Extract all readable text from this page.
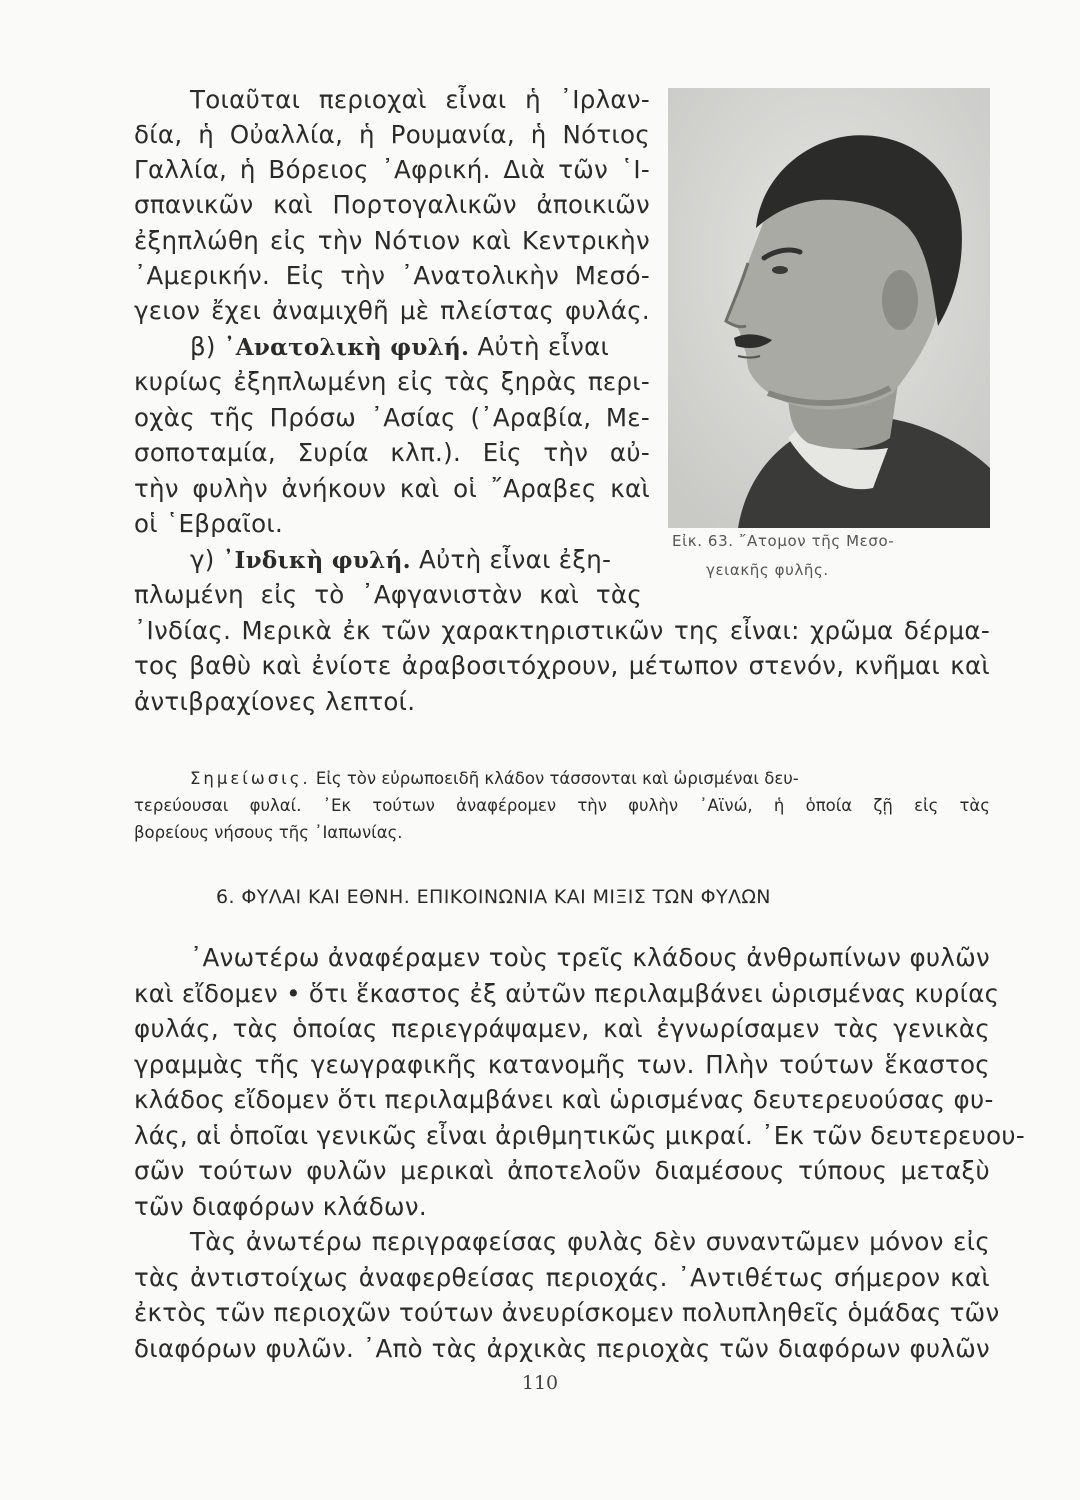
Τοιαῦται περιοχαὶ εἶναι ἡ ᾿Ιρλαν-
δία, ἡ Οὐαλλία, ἡ Ρουμανία, ἡ Νότιος
Γαλλία, ἡ Βόρειος ᾿Αφρική. Διὰ τῶν ῾Ι-
σπανικῶν καὶ Πορτογαλικῶν ἀποικιῶν
ἐξηπλώθη εἰς τὴν Νότιον καὶ Κεντρικὴν
᾿Αμερικήν. Εἰς τὴν ᾿Ανατολικὴν Μεσό-
γειον ἔχει ἀναμιχθῆ μὲ πλείστας φυλάς.
β) ᾿Ανατολικὴ φυλή. Αὐτὴ εἶναι
κυρίως ἐξηπλωμένη εἰς τὰς ξηρὰς περι-
οχὰς τῆς Πρόσω ᾿Ασίας (᾿Αραβία, Με-
σοποταμία, Συρία κλπ.). Εἰς τὴν αὐ-
τὴν φυλὴν ἀνήκουν καὶ οἱ ῎Αραβες καὶ
οἱ ῾Εβραῖοι.
γ) ᾿Ινδικὴ φυλή. Αὐτὴ εἶναι ἐξη-
πλωμένη εἰς τὸ ᾿Αφγανιστὰν καὶ τὰς
᾿Ινδίας. Μερικὰ ἐκ τῶν χαρακτηριστικῶν της εἶναι: χρῶμα δέρμα-
τος βαθὺ καὶ ἐνίοτε ἀραβοσιτόχρουν, μέτωπον στενόν, κνῆμαι καὶ
ἀντιβραχίονες λεπτοί.
Εἰκ. 63. ῎Ατομον τῆς Μεσο-
γειακῆς φυλῆς.
Σημείωσις. Εἰς τὸν εὐρωποειδῆ κλάδον τάσσονται καὶ ὡρισμέναι δευ-
τερεύουσαι φυλαί. ᾿Εκ τούτων ἀναφέρομεν τὴν φυλὴν ᾿Αϊνώ, ἡ ὁποία ζῇ εἰς τὰς
βορείους νήσους τῆς ᾿Ιαπωνίας.
6. ΦΥΛΑΙ ΚΑΙ ΕΘΝΗ. ΕΠΙΚΟΙΝΩΝΙΑ ΚΑΙ ΜΙΞΙΣ ΤΩΝ ΦΥΛΩΝ
᾿Ανωτέρω ἀναφέραμεν τοὺς τρεῖς κλάδους ἀνθρωπίνων φυλῶν
καὶ εἴδομεν • ὅτι ἕκαστος ἐξ αὐτῶν περιλαμβάνει ὡρισμένας κυρίας
φυλάς, τὰς ὁποίας περιεγράψαμεν, καὶ ἐγνωρίσαμεν τὰς γενικὰς
γραμμὰς τῆς γεωγραφικῆς κατανομῆς των. Πλὴν τούτων ἕκαστος
κλάδος εἴδομεν ὅτι περιλαμβάνει καὶ ὡρισμένας δευτερευούσας φυ-
λάς, αἱ ὁποῖαι γενικῶς εἶναι ἀριθμητικῶς μικραί. ᾿Εκ τῶν δευτερευου-
σῶν τούτων φυλῶν μερικαὶ ἀποτελοῦν διαμέσους τύπους μεταξὺ
τῶν διαφόρων κλάδων.
Τὰς ἀνωτέρω περιγραφείσας φυλὰς δὲν συναντῶμεν μόνον εἰς
τὰς ἀντιστοίχως ἀναφερθείσας περιοχάς. ᾿Αντιθέτως σήμερον καὶ
ἐκτὸς τῶν περιοχῶν τούτων ἀνευρίσκομεν πολυπληθεῖς ὁμάδας τῶν
διαφόρων φυλῶν. ᾿Απὸ τὰς ἀρχικὰς περιοχὰς τῶν διαφόρων φυλῶν
110
